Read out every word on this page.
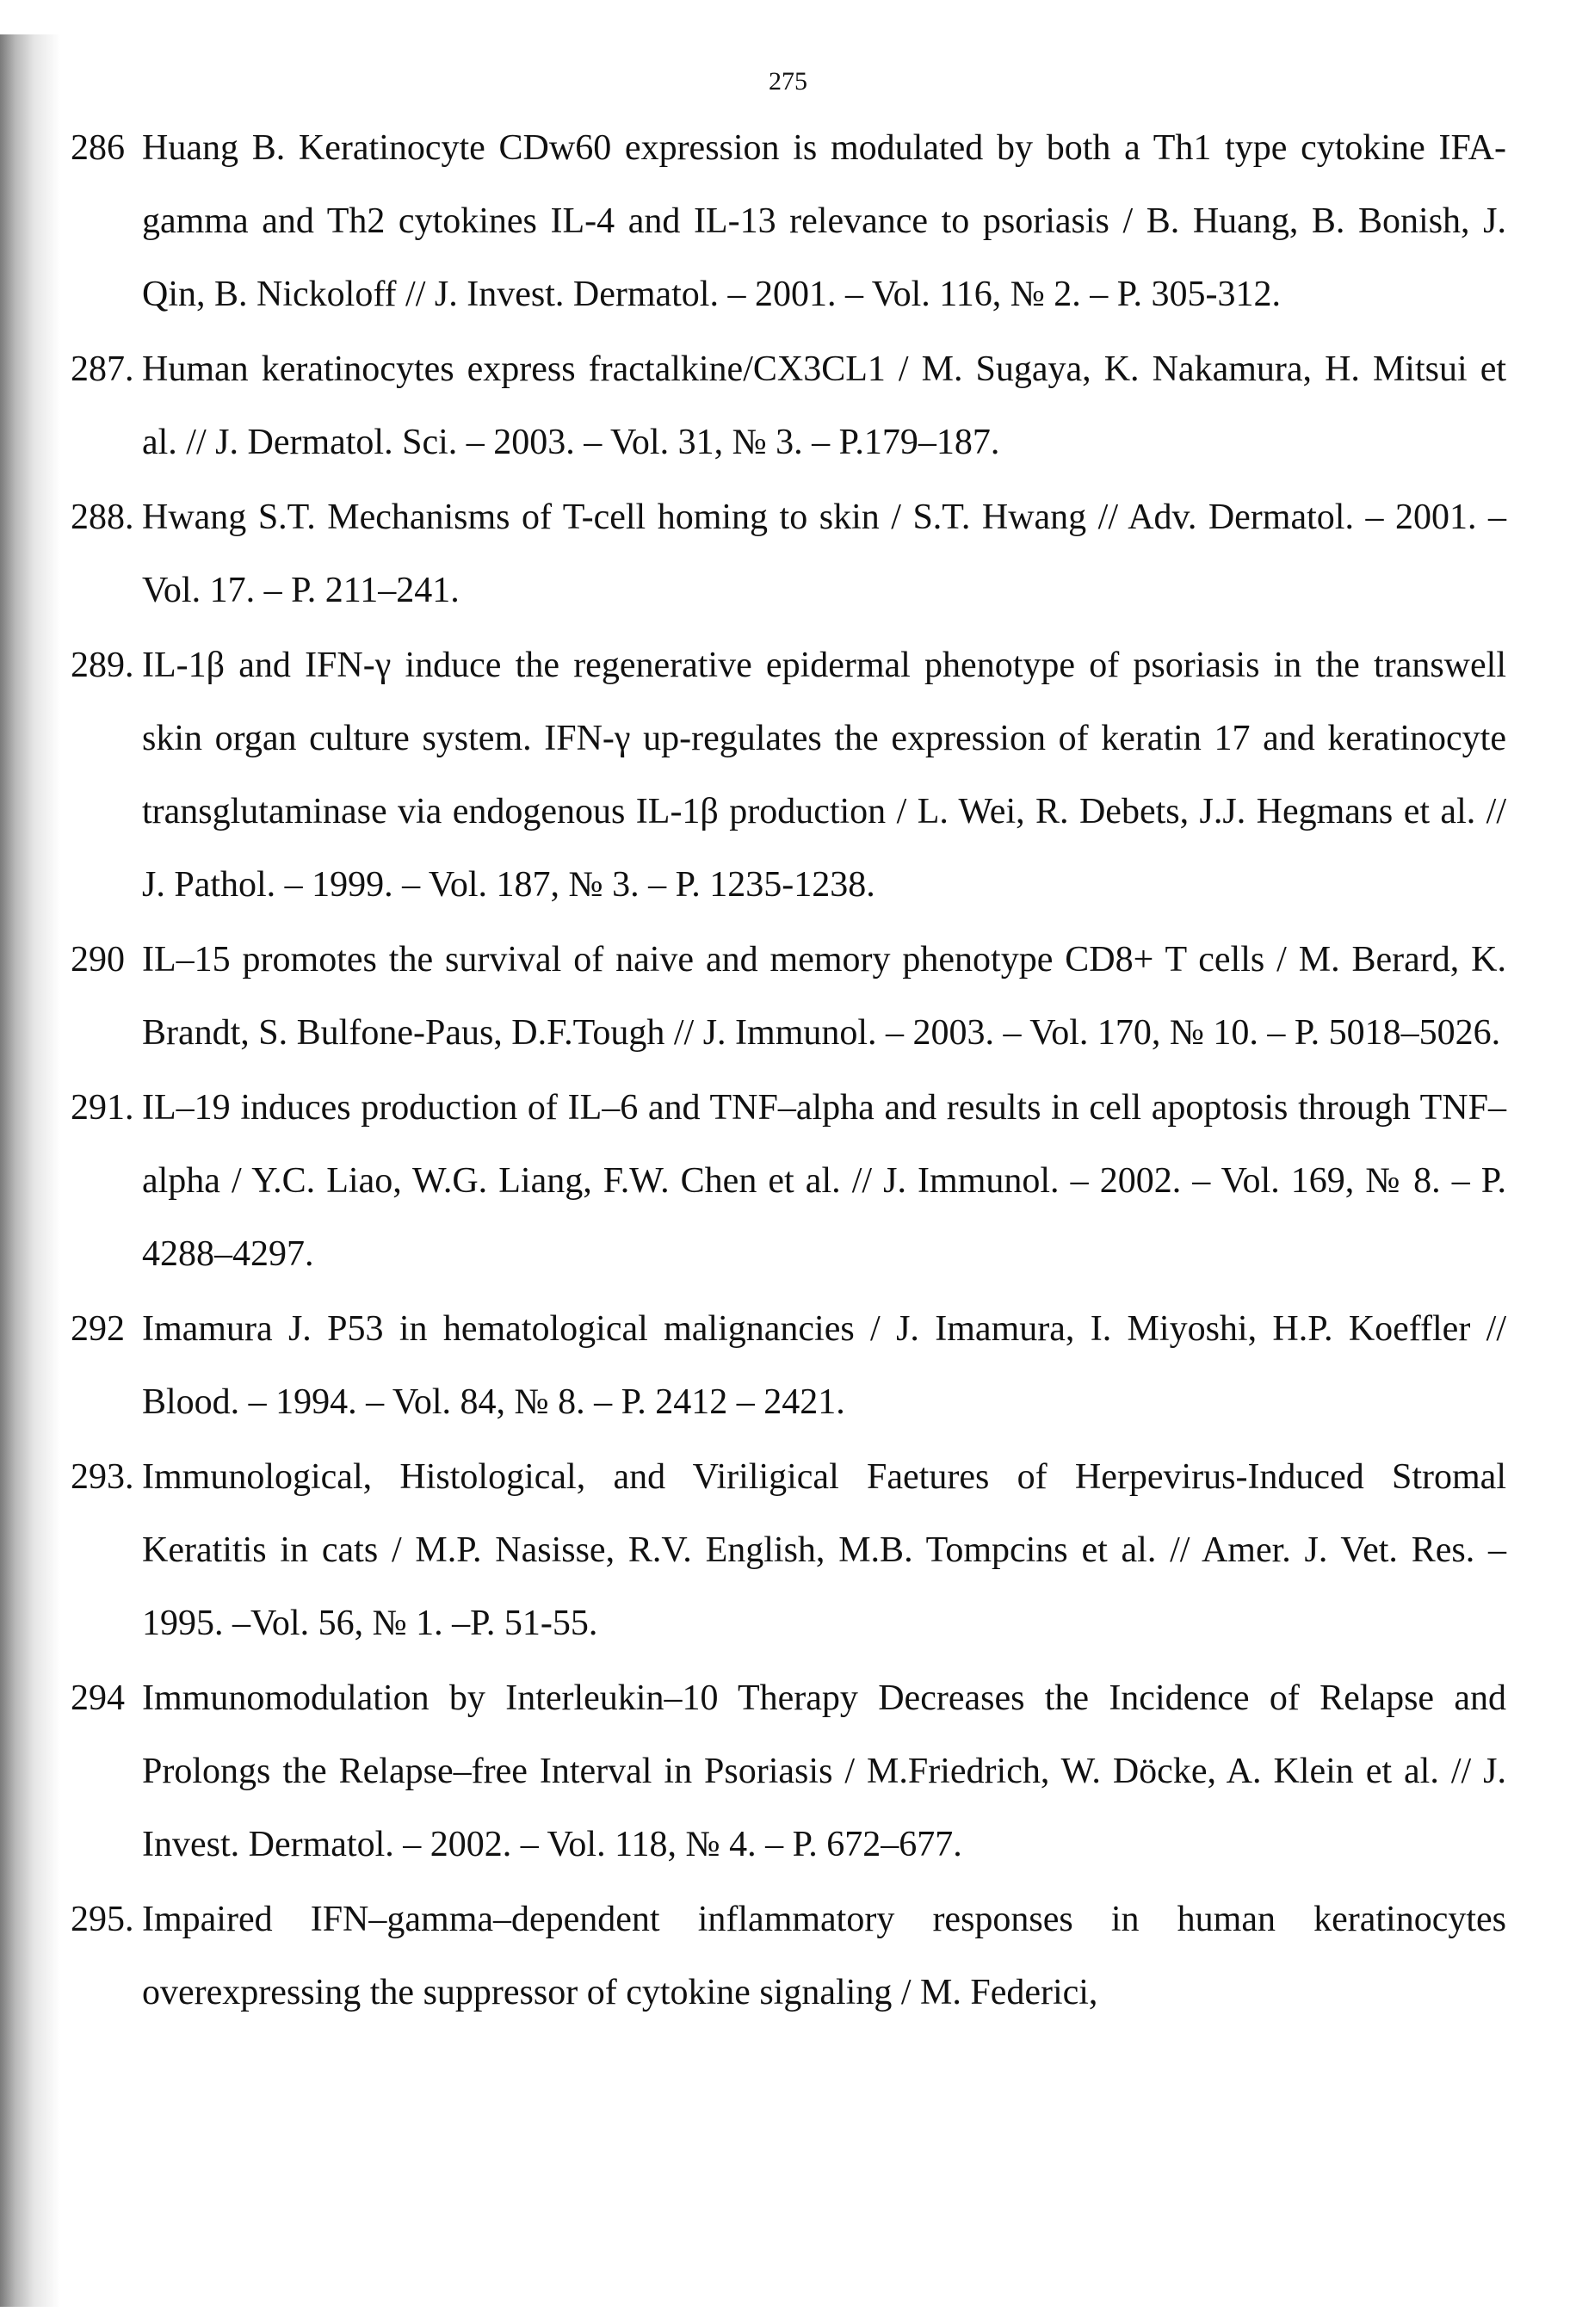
275
286 Huang B. Keratinocyte CDw60 expression is modulated by both a Th1 type cytokine IFA-gamma and Th2 cytokines IL-4 and IL-13 relevance to psoriasis / B. Huang, B. Bonish, J. Qin, B. Nickoloff // J. Invest. Dermatol. – 2001. – Vol. 116, № 2. – P. 305-312.
287. Human keratinocytes express fractalkine/CX3CL1 / M. Sugaya, K. Nakamura, H. Mitsui et al. // J. Dermatol. Sci. – 2003. – Vol. 31, № 3. – P.179–187.
288. Hwang S.T. Mechanisms of T-cell homing to skin / S.T. Hwang // Adv. Dermatol. – 2001. – Vol. 17. – P. 211–241.
289. IL-1β and IFN-γ induce the regenerative epidermal phenotype of psoriasis in the transwell skin organ culture system. IFN-γ up-regulates the expression of keratin 17 and keratinocyte transglutaminase via endogenous IL-1β production / L. Wei, R. Debets, J.J. Hegmans et al. // J. Pathol. – 1999. – Vol. 187, № 3. – P. 1235-1238.
290 IL–15 promotes the survival of naive and memory phenotype CD8+ T cells / M. Berard, K. Brandt, S. Bulfone-Paus, D.F.Tough // J. Immunol. – 2003. – Vol. 170, № 10. – P. 5018–5026.
291. IL–19 induces production of IL–6 and TNF–alpha and results in cell apoptosis through TNF–alpha / Y.C. Liao, W.G. Liang, F.W. Chen et al. // J. Immunol. – 2002. – Vol. 169, № 8. – P. 4288–4297.
292 Imamura J. P53 in hematological malignancies / J. Imamura, I. Miyoshi, H.P. Koeffler // Blood. – 1994. – Vol. 84, № 8. – P. 2412 – 2421.
293. Immunological, Histological, and Viriligical Faetures of Herpevirus-Induced Stromal Keratitis in cats / M.P. Nasisse, R.V. English, M.B. Tompcins et al. // Amer. J. Vet. Res. –1995. –Vol. 56, № 1. –P. 51-55.
294 Immunomodulation by Interleukin–10 Therapy Decreases the Incidence of Relapse and Prolongs the Relapse–free Interval in Psoriasis / M.Friedrich, W. Döcke, A. Klein et al. // J. Invest. Dermatol. – 2002. – Vol. 118, № 4. – P. 672–677.
295. Impaired IFN–gamma–dependent inflammatory responses in human keratinocytes overexpressing the suppressor of cytokine signaling / M. Federici,
